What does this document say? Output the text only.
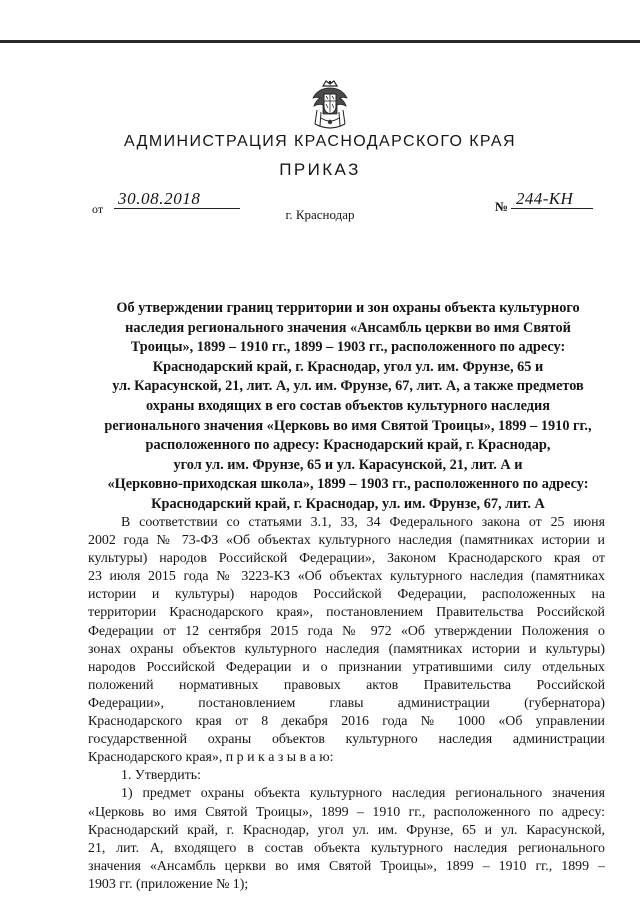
АДМИНИСТРАЦИЯ КРАСНОДАРСКОГО КРАЯ
ПРИКАЗ
от
30.08.2018	№ 244-КН
г. Краснодар
Об утверждении границ территории и зон охраны объекта культурного
наследия регионального значения «Ансамбль церкви во имя Святой
Троицы», 1899 – 1910 гг., 1899 – 1903 гг., расположенного по адресу:
Краснодарский край, г. Краснодар, угол ул. им. Фрунзе, 65 и
ул. Карасунской, 21, лит. А, ул. им. Фрунзе, 67, лит. А, а также предметов
охраны входящих в его состав объектов культурного наследия
регионального значения «Церковь во имя Святой Троицы», 1899 – 1910 гг.,
расположенного по адресу: Краснодарский край, г. Краснодар,
угол ул. им. Фрунзе, 65 и ул. Карасунской, 21, лит. А и
«Церковно-приходская школа», 1899 – 1903 гг., расположенного по адресу:
Краснодарский край, г. Краснодар, ул. им. Фрунзе, 67, лит. А
В соответствии со статьями 3.1, 33, 34 Федерального закона от 25 июня
2002 года № 73-ФЗ «Об объектах культурного наследия (памятниках истории и
культуры) народов Российской Федерации», Законом Краснодарского края от
23 июля 2015 года № 3223-КЗ «Об объектах культурного наследия (памятниках
истории и культуры) народов Российской Федерации, расположенных на
территории Краснодарского края», постановлением Правительства Российской
Федерации от 12 сентября 2015 года № 972 «Об утверждении Положения о
зонах охраны объектов культурного наследия (памятниках истории и культуры)
народов Российской Федерации и о признании утратившими силу отдельных
положений нормативных правовых актов Правительства Российской
Федерации», постановлением главы администрации (губернатора)
Краснодарского края от 8 декабря 2016 года № 1000 «Об управлении
государственной охраны объектов культурного наследия администрации
Краснодарского края», п р и к а з ы в а ю:
1. Утвердить:
1) предмет охраны объекта культурного наследия регионального значения
«Церковь во имя Святой Троицы», 1899 – 1910 гг., расположенного по адресу:
Краснодарский край, г. Краснодар, угол ул. им. Фрунзе, 65 и ул. Карасунской,
21, лит. А, входящего в состав объекта культурного наследия регионального
значения «Ансамбль церкви во имя Святой Троицы», 1899 – 1910 гг., 1899 –
1903 гг. (приложение № 1);
